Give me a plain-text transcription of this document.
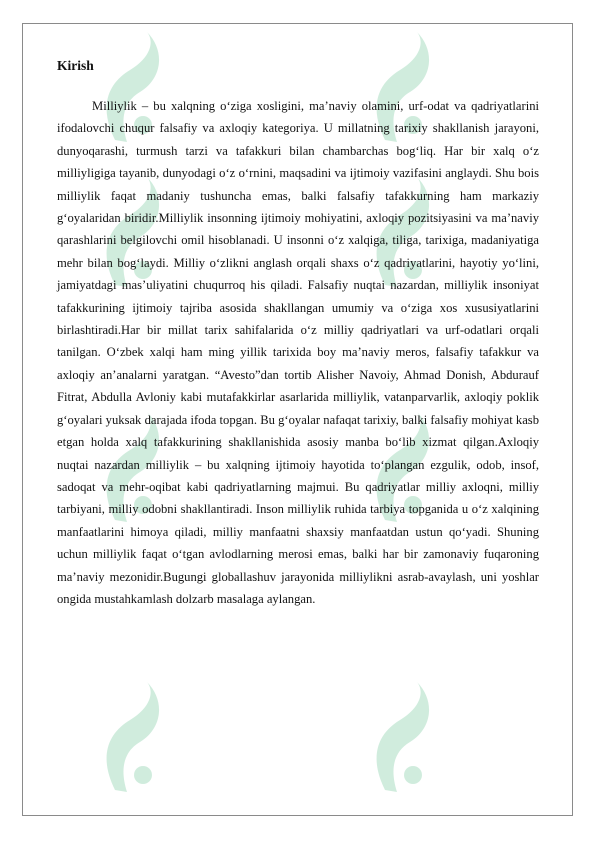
Kirish

Milliylik – bu xalqning o‘ziga xosligini, ma’naviy olamini, urf-odat va qadriyatlarini ifodalovchi chuqur falsafiy va axloqiy kategoriya. U millatning tarixiy shakllanish jarayoni, dunyoqarashi, turmush tarzi va tafakkuri bilan chambarchas bog‘liq. Har bir xalq o‘z milliyligiga tayanib, dunyodagi o‘z o‘rnini, maqsadini va ijtimoiy vazifasini anglaydi. Shu bois milliylik faqat madaniy tushuncha emas, balki falsafiy tafakkurning ham markaziy g‘oyalaridan biridir.Milliylik insonning ijtimoiy mohiyatini, axloqiy pozitsiyasini va ma’naviy qarashlarini belgilovchi omil hisoblanadi. U insonni o‘z xalqiga, tiliga, tarixiga, madaniyatiga mehr bilan bog‘laydi. Milliy o‘zlikni anglash orqali shaxs o‘z qadriyatlarini, hayotiy yo‘lini, jamiyatdagi mas’uliyatini chuqurroq his qiladi. Falsafiy nuqtai nazardan, milliylik insoniyat tafakkurining ijtimoiy tajriba asosida shakllangan umumiy va o‘ziga xos xususiyatlarini birlashtiradi.Har bir millat tarix sahifalarida o‘z milliy qadriyatlari va urf-odatlari orqali tanilgan. O‘zbek xalqi ham ming yillik tarixida boy ma’naviy meros, falsafiy tafakkur va axloqiy an’analarni yaratgan. “Avesto”dan tortib Alisher Navoiy, Ahmad Donish, Abdurauf Fitrat, Abdulla Avloniy kabi mutafakkirlar asarlarida milliylik, vatanparvarlik, axloqiy poklik g‘oyalari yuksak darajada ifoda topgan. Bu g‘oyalar nafaqat tarixiy, balki falsafiy mohiyat kasb etgan holda xalq tafakkurining shakllanishida asosiy manba bo‘lib xizmat qilgan.Axloqiy nuqtai nazardan milliylik – bu xalqning ijtimoiy hayotida to‘plangan ezgulik, odob, insof, sadoqat va mehr-oqibat kabi qadriyatlarning majmui. Bu qadriyatlar milliy axloqni, milliy tarbiyani, milliy odobni shakllantiradi. Inson milliylik ruhida tarbiya topganida u o‘z xalqining manfaatlarini himoya qiladi, milliy manfaatni shaxsiy manfaatdan ustun qo‘yadi. Shuning uchun milliylik faqat o‘tgan avlodlarning merosi emas, balki har bir zamonaviy fuqaroning ma’naviy mezonidir.Bugungi globallashuv jarayonida milliylikni asrab-avaylash, uni yoshlar ongida mustahkamlash dolzarb masalaga aylangan.
